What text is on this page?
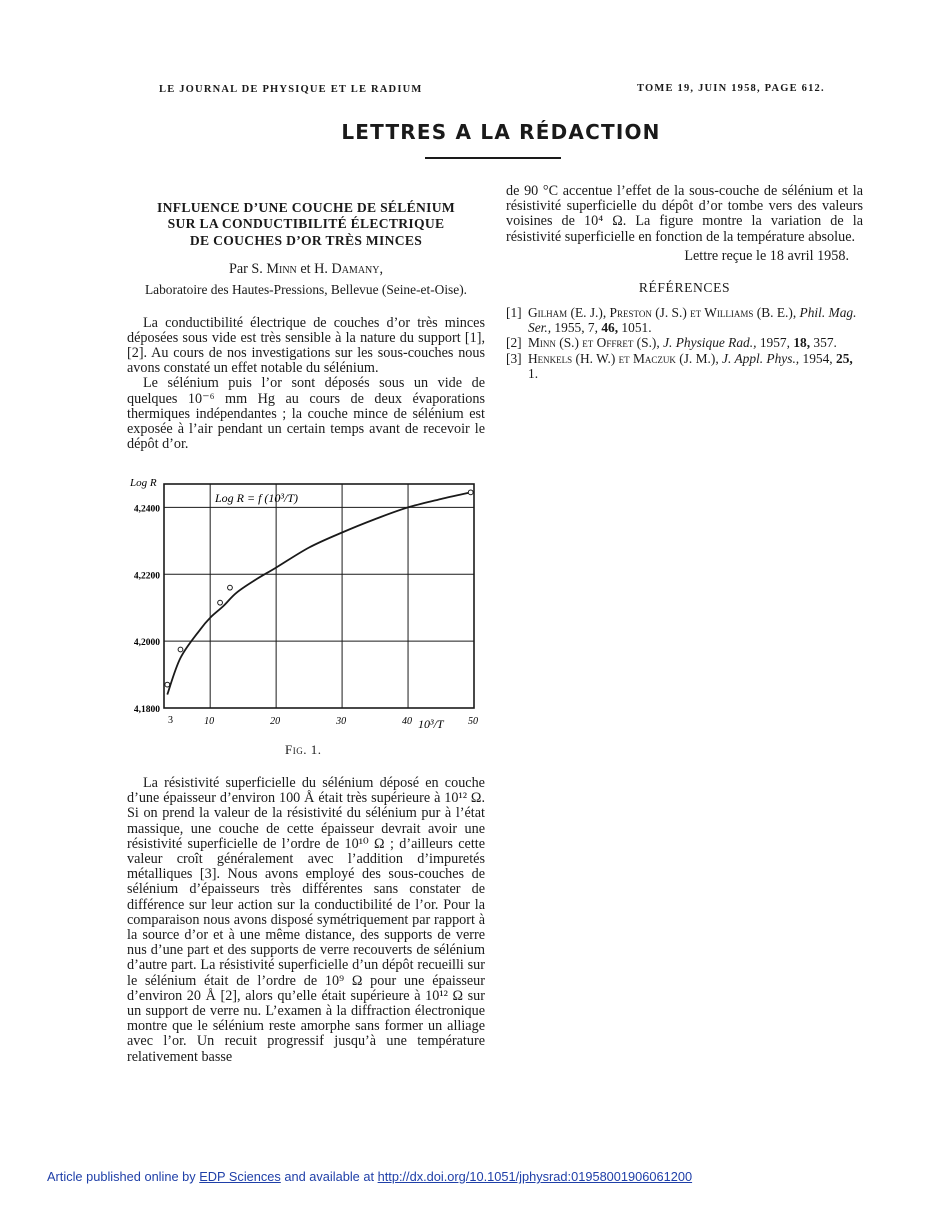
LE JOURNAL DE PHYSIQUE ET LE RADIUM	TOME 19, JUIN 1958, PAGE 612.
LETTRES A LA RÉDACTION
INFLUENCE D’UNE COUCHE DE SÉLÉNIUM
SUR LA CONDUCTIBILITÉ ÉLECTRIQUE
DE COUCHES D’OR TRÈS MINCES
Par S. Minn et H. Damany,
Laboratoire des Hautes-Pressions, Bellevue (Seine-et-Oise).

La conductibilité électrique de couches d’or très minces déposées sous vide est très sensible à la nature du support [1], [2]. Au cours de nos investigations sur les sous-couches nous avons constaté un effet notable du sélénium.

Le sélénium puis l’or sont déposés sous un vide de quelques 10⁻⁶ mm Hg au cours de deux évaporations thermiques indépendantes ; la couche mince de sélénium est exposée à l’air pendant un certain temps avant de recevoir le dépôt d’or.

10	20	30	40	50
4,1800
4,2000
4,2200
4,2400
Log R
Log R = f (10³/T)
10³/T
3
Fig. 1.

La résistivité superficielle du sélénium déposé en couche d’une épaisseur d’environ 100 Å était très supérieure à 10¹² Ω. Si on prend la valeur de la résistivité du sélénium pur à l’état massique, une couche de cette épaisseur devrait avoir une résistivité superficielle de l’ordre de 10¹⁰ Ω ; d’ailleurs cette valeur croît généralement avec l’addition d’impuretés métalliques [3]. Nous avons employé des sous-couches de sélénium d’épaisseurs très différentes sans constater de différence sur leur action sur la conductibilité de l’or. Pour la comparaison nous avons disposé symétriquement par rapport à la source d’or et à une même distance, des supports de verre nus d’une part et des supports de verre recouverts de sélénium d’autre part. La résistivité superficielle d’un dépôt recueilli sur le sélénium était de l’ordre de 10⁹ Ω pour une épaisseur d’environ 20 Å [2], alors qu’elle était supérieure à 10¹² Ω sur un support de verre nu. L’examen à la diffraction électronique montre que le sélénium reste amorphe sans former un alliage avec l’or. Un recuit progressif jusqu’à une température relativement basse

de 90 °C accentue l’effet de la sous-couche de sélénium et la résistivité superficielle du dépôt d’or tombe vers des valeurs voisines de 10⁴ Ω. La figure montre la variation de la résistivité superficielle en fonction de la température absolue.

Lettre reçue le 18 avril 1958.
RÉFÉRENCES
[1] Gilham (E. J.), Preston (J. S.) et Williams (B. E.), Phil. Mag. Ser., 1955, 7, 46, 1051.
[2] Minn (S.) et Offret (S.), J. Physique Rad., 1957, 18, 357.
[3] Henkels (H. W.) et Maczuk (J. M.), J. Appl. Phys., 1954, 25, 1.
Article published online by EDP Sciences and available at http://dx.doi.org/10.1051/jphysrad:01958001906061200
